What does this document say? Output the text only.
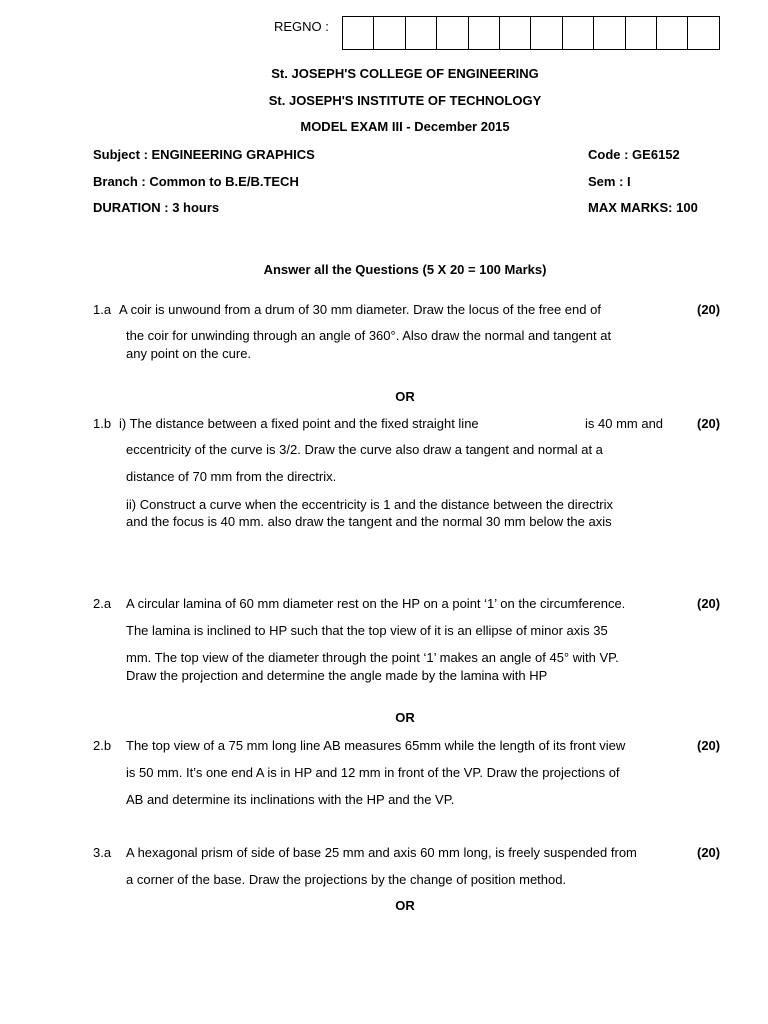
REGNO :
St. JOSEPH'S COLLEGE OF ENGINEERING
St. JOSEPH'S INSTITUTE OF TECHNOLOGY
MODEL EXAM III - December 2015
Subject : ENGINEERING GRAPHICS	Code : GE6152
Branch : Common to B.E/B.TECH	Sem : I
DURATION : 3 hours	MAX MARKS: 100
Answer all the Questions (5 X 20 = 100 Marks)
1.a A coir is unwound from a drum of 30 mm diameter. Draw the locus of the free end of	(20)
the coir for unwinding through an angle of 360°. Also draw the normal and tangent at
any point on the cure.
OR
1.b i) The distance between a fixed point and the fixed straight line	is 40 mm and	(20)
eccentricity of the curve is 3/2. Draw the curve also draw a tangent and normal at a
distance of 70 mm from the directrix.
ii) Construct a curve when the eccentricity is 1 and the distance between the directrix
and the focus is 40 mm. also draw the tangent and the normal 30 mm below the axis
2.a A circular lamina of 60 mm diameter rest on the HP on a point ‘1’ on the circumference.	(20)
The lamina is inclined to HP such that the top view of it is an ellipse of minor axis 35
mm. The top view of the diameter through the point ‘1’ makes an angle of 45° with VP.
Draw the projection and determine the angle made by the lamina with HP
OR
2.b The top view of a 75 mm long line AB measures 65mm while the length of its front view	(20)
is 50 mm. It’s one end A is in HP and 12 mm in front of the VP. Draw the projections of
AB and determine its inclinations with the HP and the VP.
3.a A hexagonal prism of side of base 25 mm and axis 60 mm long, is freely suspended from	(20)
a corner of the base. Draw the projections by the change of position method.
OR
